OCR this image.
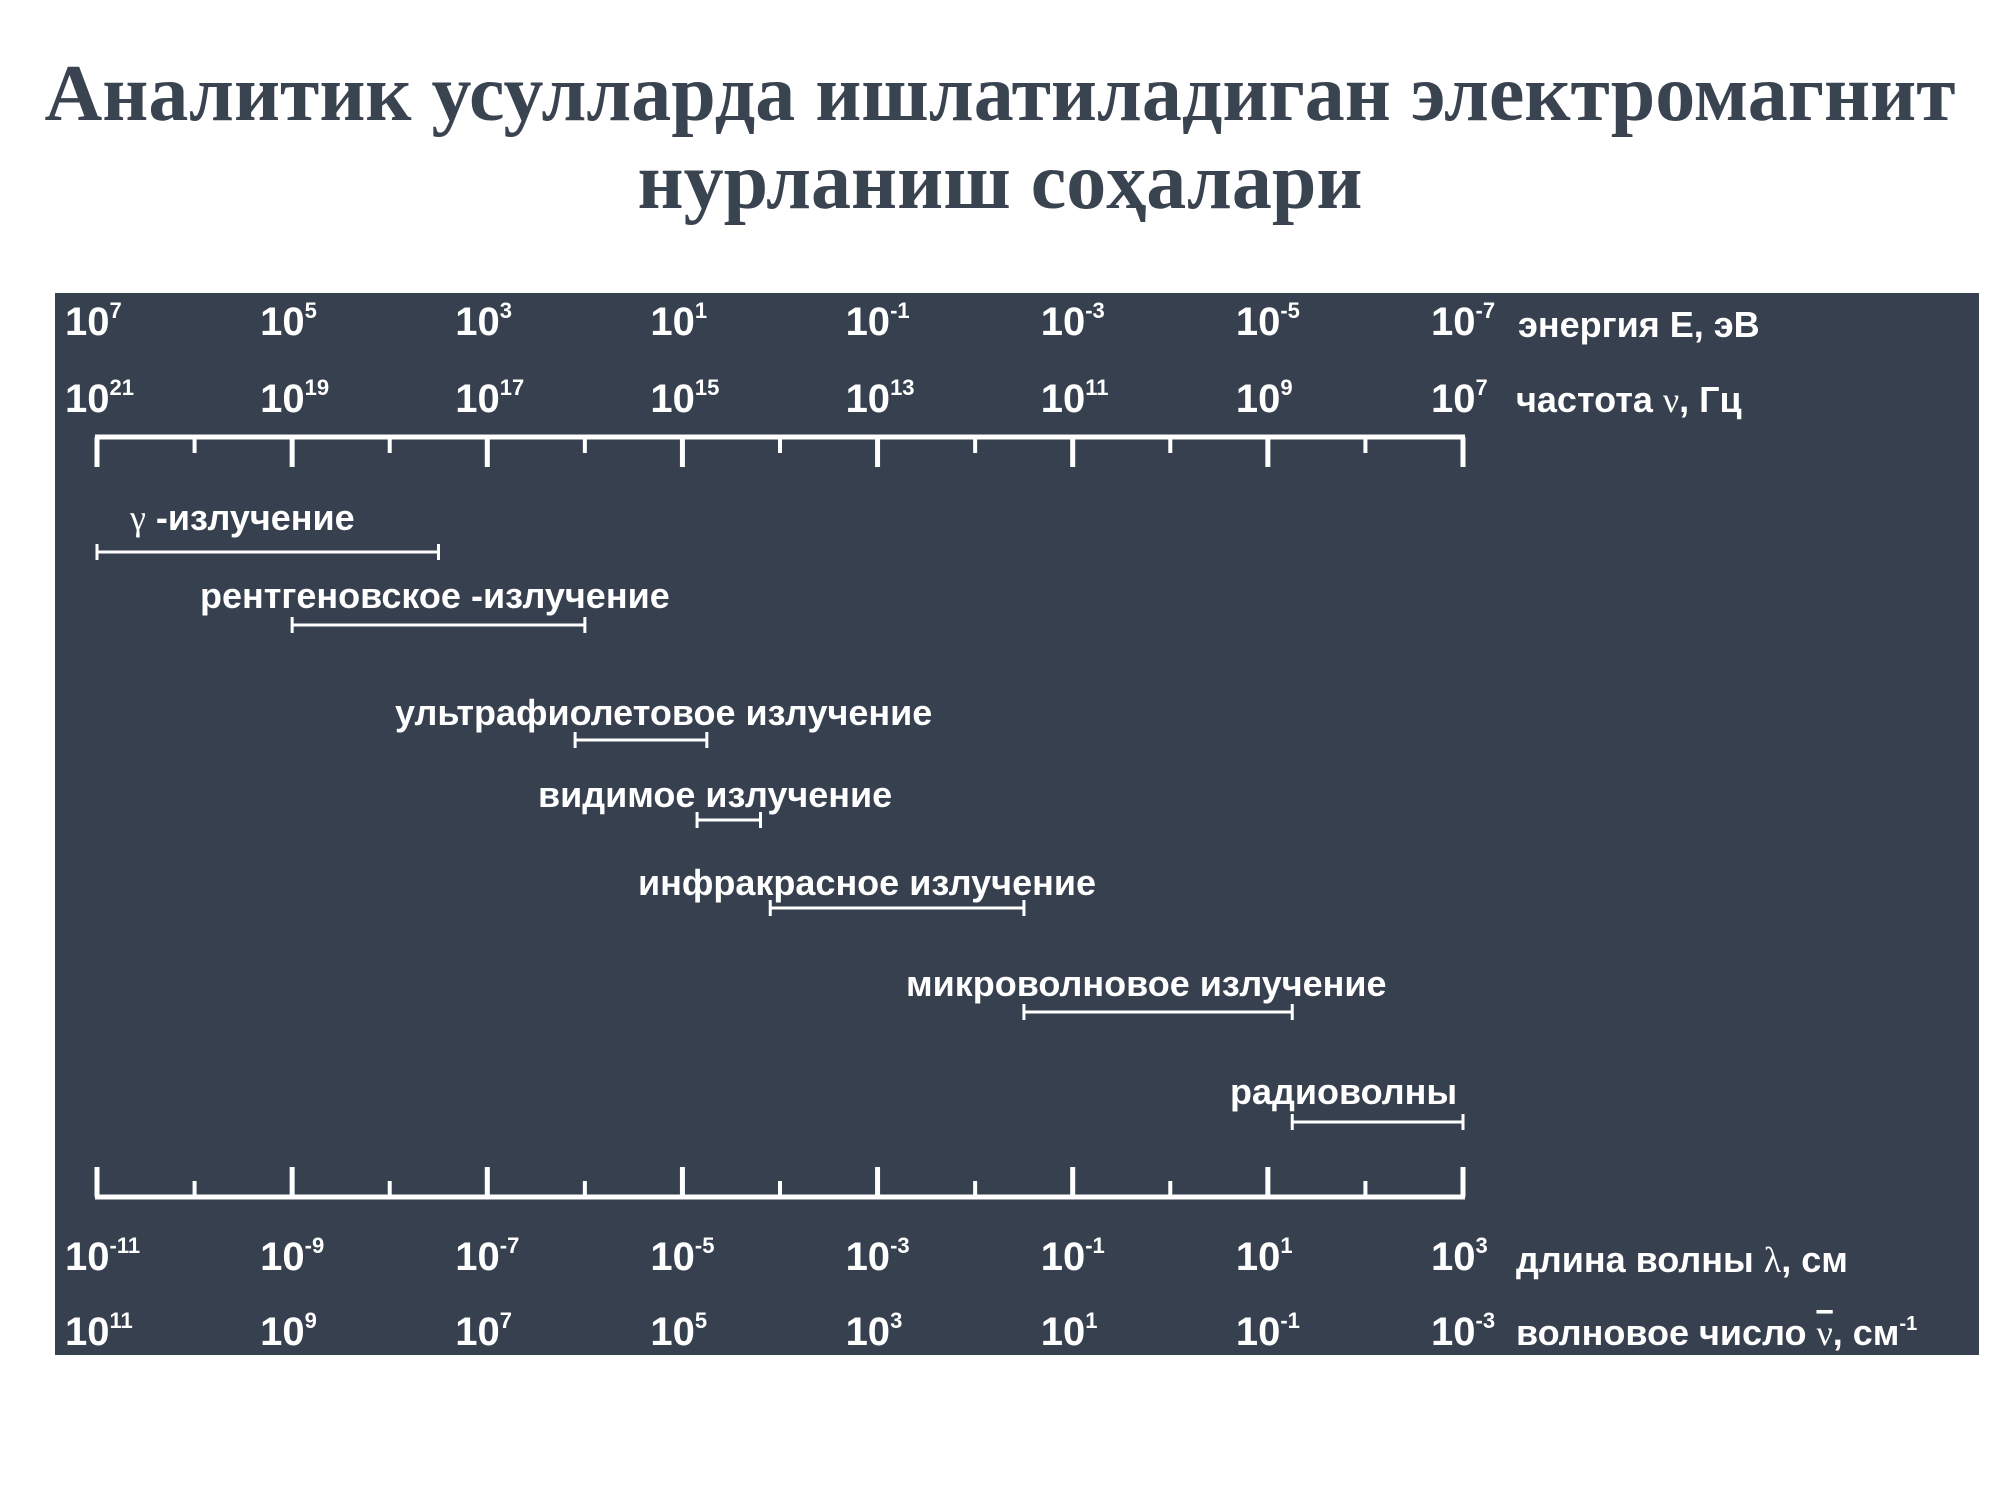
Аналитик усулларда ишлатиладиган электромагнит
нурланиш соҳалари
$10^7$	$10^5$	$10^3$	$10^1$	$10^{-1}$	$10^{-3}$	$10^{-5}$	$10^{-7}$ энергия E, эВ
$10^{21}$	$10^{19}$	$10^{17}$	$10^{15}$	$10^{13}$	$10^{11}$	$10^9$	$10^7$ частота ν, Гц
$10^{-11}$	$10^{-9}$	$10^{-7}$	$10^{-5}$	$10^{-3}$	$10^{-1}$	$10^1$	$10^3$ длина волны λ, см
$10^{11}$	$10^9$	$10^7$	$10^5$	$10^3$	$10^1$	$10^{-1}$	$10^{-3}$ волновое число ν, $см^{-1}$
γ -излучение
рентгеновское -излучение
ультрафиолетовое излучение
видимое излучение
инфракрасное излучение
микроволновое излучение
радиоволны
